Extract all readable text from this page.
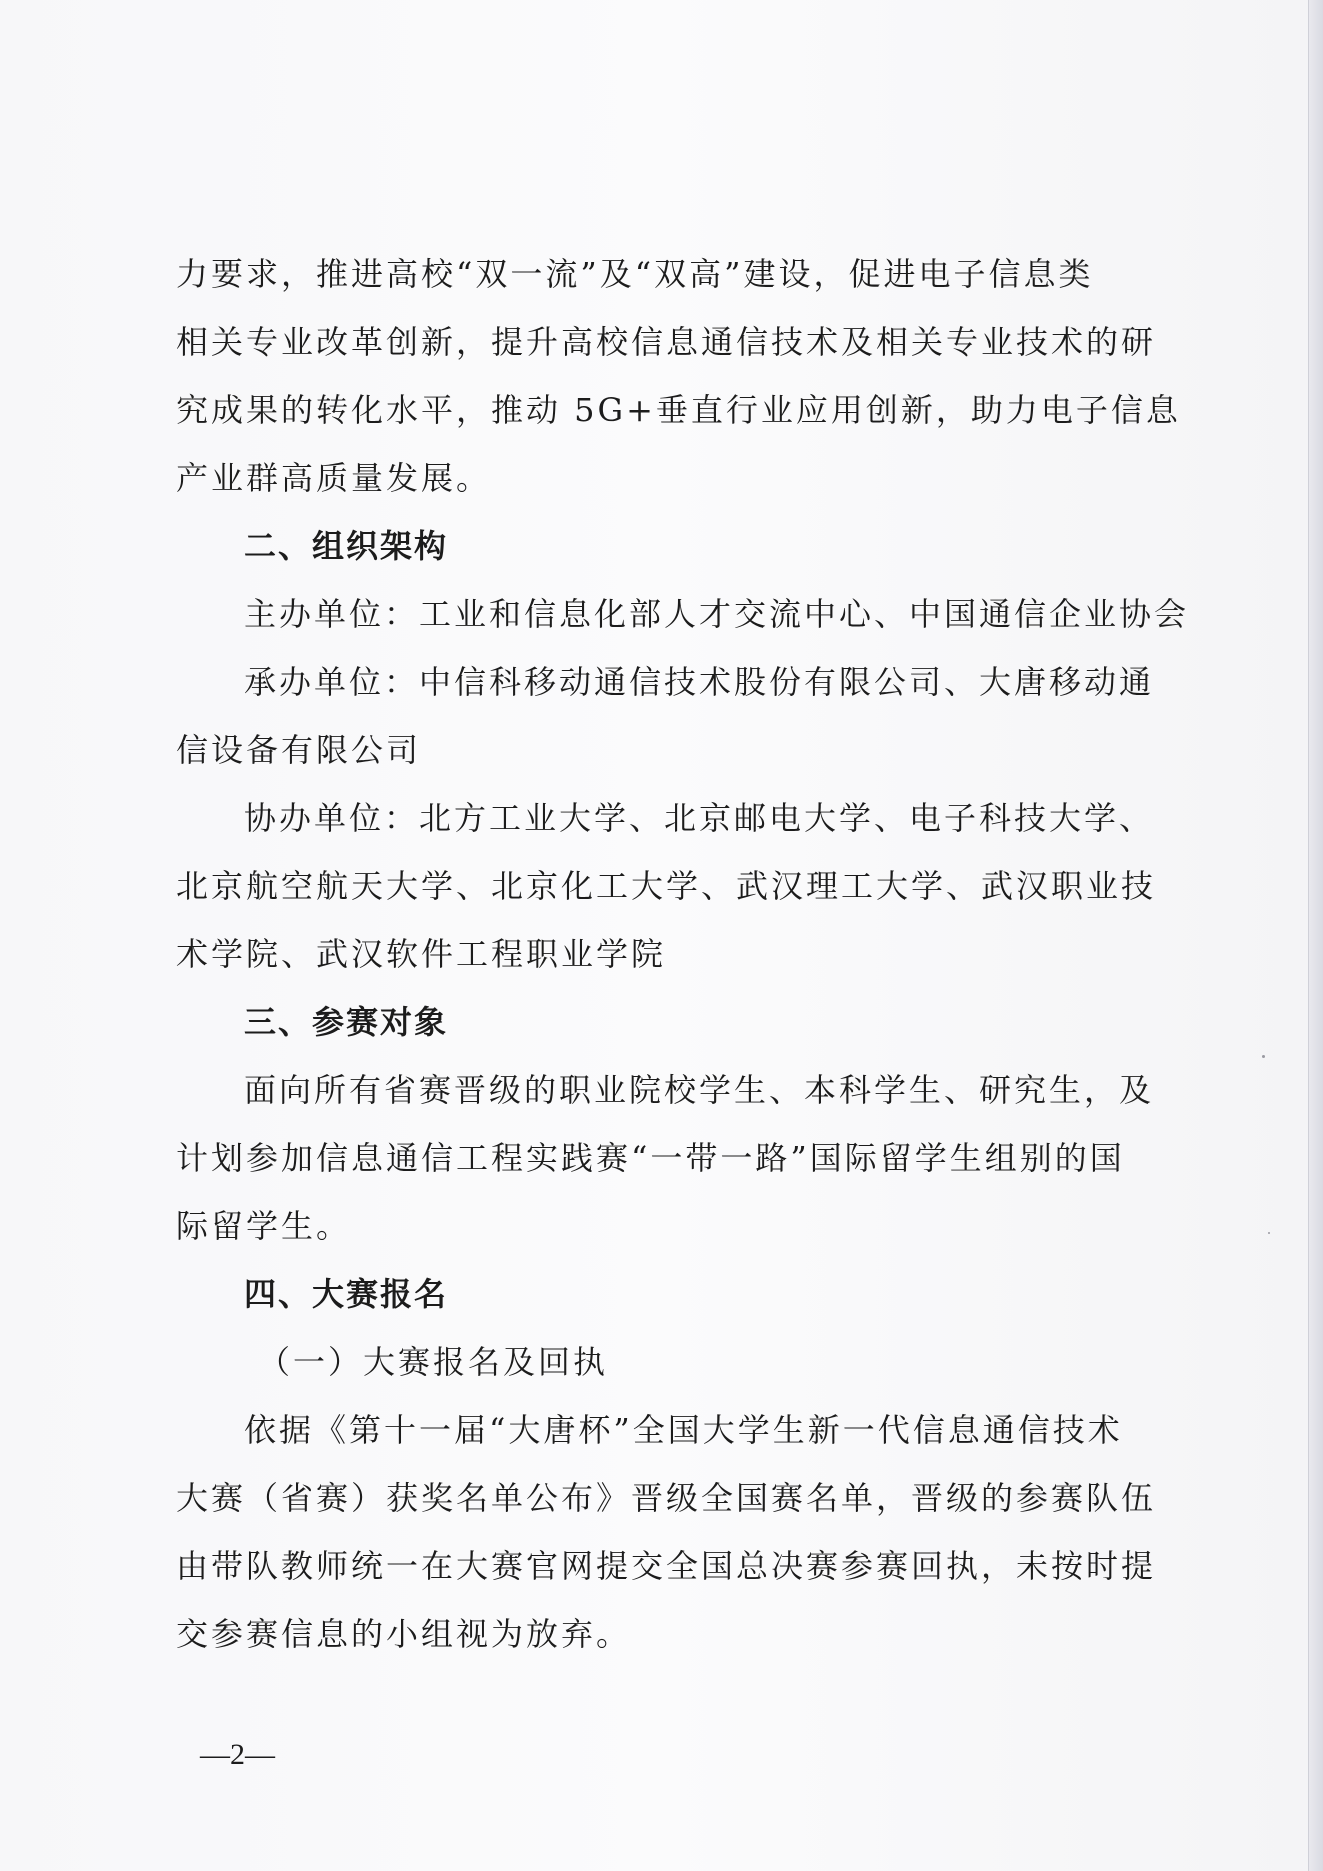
力要求，推进高校“双一流”及“双高”建设，促进电子信息类
相关专业改革创新，提升高校信息通信技术及相关专业技术的研
究成果的转化水平，推动 5G+垂直行业应用创新，助力电子信息
产业群高质量发展。
二、组织架构
主办单位：工业和信息化部人才交流中心、中国通信企业协会
承办单位：中信科移动通信技术股份有限公司、大唐移动通
信设备有限公司
协办单位：北方工业大学、北京邮电大学、电子科技大学、
北京航空航天大学、北京化工大学、武汉理工大学、武汉职业技
术学院、武汉软件工程职业学院
三、参赛对象
面向所有省赛晋级的职业院校学生、本科学生、研究生，及
计划参加信息通信工程实践赛“一带一路”国际留学生组别的国
际留学生。
四、大赛报名
（一）大赛报名及回执
依据《第十一届“大唐杯”全国大学生新一代信息通信技术
大赛（省赛）获奖名单公布》晋级全国赛名单，晋级的参赛队伍
由带队教师统一在大赛官网提交全国总决赛参赛回执，未按时提
交参赛信息的小组视为放弃。
—2—
